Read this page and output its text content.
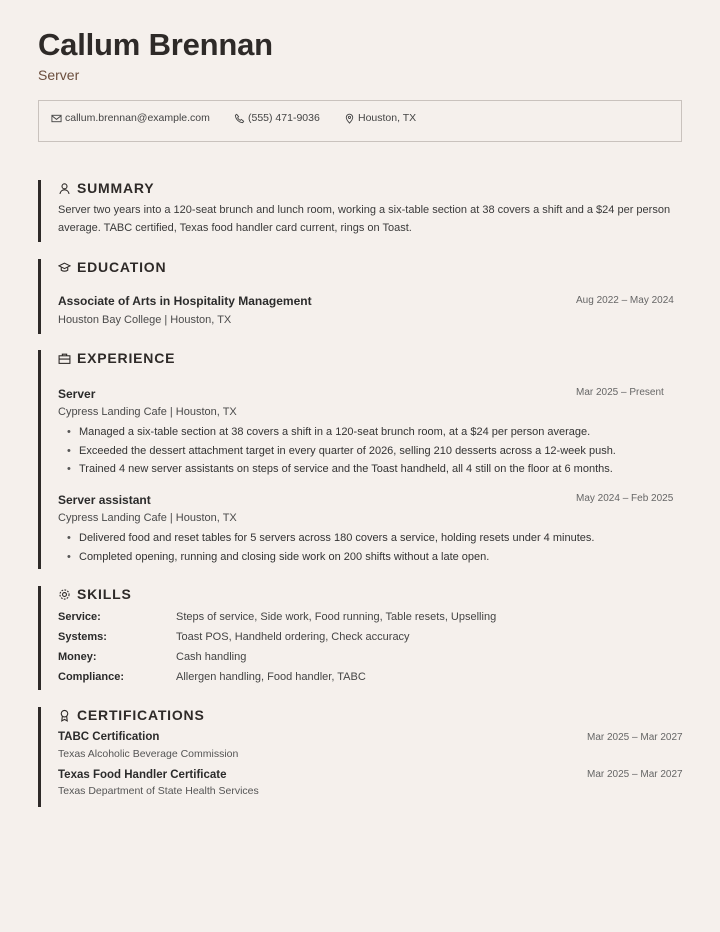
Callum Brennan
Server
callum.brennan@example.com	(555) 471-9036	Houston, TX
SUMMARY
Server two years into a 120-seat brunch and lunch room, working a six-table section at 38 covers a shift and a $24 per person
average. TABC certified, Texas food handler card current, rings on Toast.
EDUCATION
Associate of Arts in Hospitality Management	Aug 2022 – May 2024
Houston Bay College | Houston, TX
EXPERIENCE
Server	Mar 2025 – Present
Cypress Landing Cafe | Houston, TX
• Managed a six-table section at 38 covers a shift in a 120-seat brunch room, at a $24 per person average.
• Exceeded the dessert attachment target in every quarter of 2026, selling 210 desserts across a 12-week push.
• Trained 4 new server assistants on steps of service and the Toast handheld, all 4 still on the floor at 6 months.
Server assistant	May 2024 – Feb 2025
Cypress Landing Cafe | Houston, TX
• Delivered food and reset tables for 5 servers across 180 covers a service, holding resets under 4 minutes.
• Completed opening, running and closing side work on 200 shifts without a late open.
SKILLS
Service:	Steps of service, Side work, Food running, Table resets, Upselling
Systems:	Toast POS, Handheld ordering, Check accuracy
Money:	Cash handling
Compliance:	Allergen handling, Food handler, TABC
CERTIFICATIONS
TABC Certification	Mar 2025 – Mar 2027
Texas Alcoholic Beverage Commission
Texas Food Handler Certificate	Mar 2025 – Mar 2027
Texas Department of State Health Services
